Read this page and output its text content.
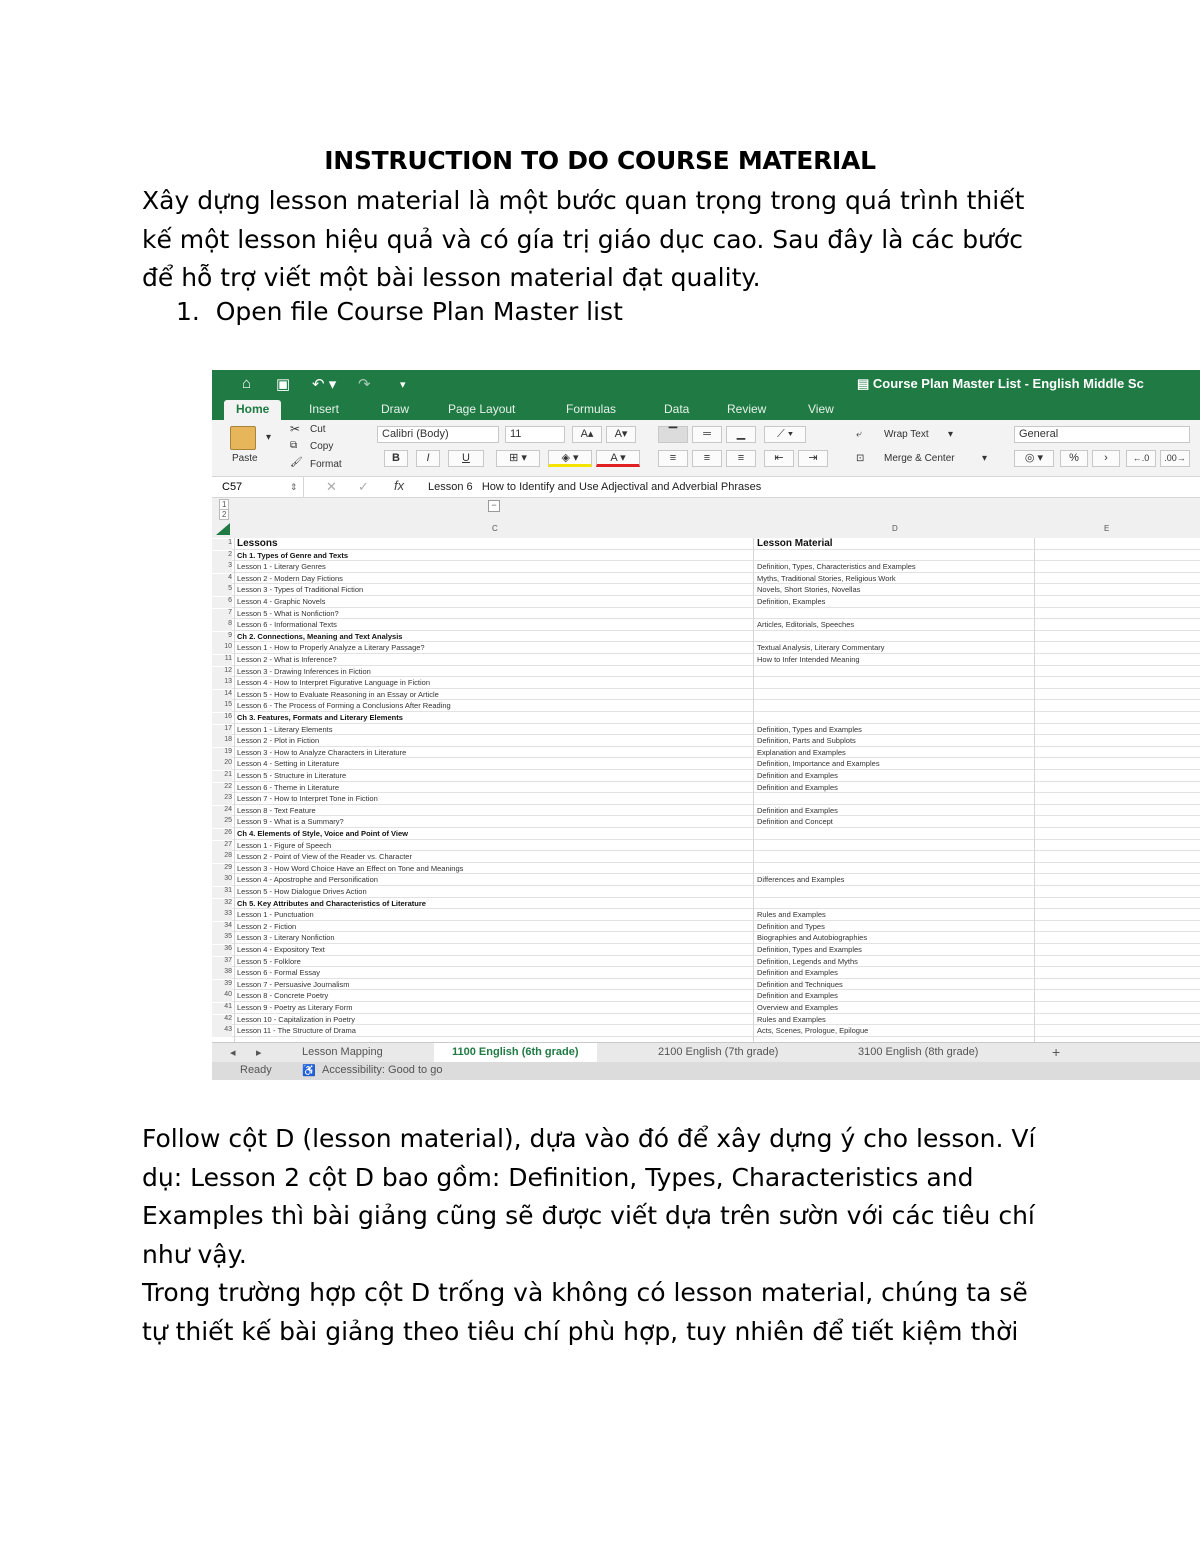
INSTRUCTION TO DO COURSE MATERIAL
Xây dựng lesson material là một bước quan trọng trong quá trình thiết
kế một lesson hiệu quả và có gía trị giáo dục cao. Sau đây là các bước
để hỗ trợ viết một bài lesson material đạt quality.
1.  Open file Course Plan Master list
⌂ ▣ ↶ ▾ ↷	▾	▤ Course Plan Master List - English Middle Sc
Home	Insert	Draw	Page Layout	Formulas	Data	Review	View
Paste
▾
✂ Cut
⧉ Copy
🖌 Format
Calibri (Body)	11	A▴	A▾
B	I	U	⊞ ▾	◈ ▾	A ▾
▔	═	▁	⟋ ▾
≡	≡	≡	⇤	⇥
⤶ Wrap Text ▾
⊡ Merge & Center	▾
General
◎ ▾	%	›	←.0	.00→
C57	⇕ ✕ ✓ fx Lesson 6   How to Identify and Use Adjectival and Adverbial Phrases
1
2
−
C	D	E
1 Lessons	Lesson Material
2 Ch 1. Types of Genre and Texts
3 Lesson 1 - Literary Genres	Definition, Types, Characteristics and Examples
4 Lesson 2 - Modern Day Fictions	Myths, Traditional Stories, Religious Work
5 Lesson 3 - Types of Traditional Fiction	Novels, Short Stories, Novellas
6 Lesson 4 - Graphic Novels	Definition, Examples
7 Lesson 5 - What is Nonfiction?
8 Lesson 6 - Informational Texts	Articles, Editorials, Speeches
9 Ch 2. Connections, Meaning and Text Analysis
10 Lesson 1 - How to Properly Analyze a Literary Passage?	Textual Analysis, Literary Commentary
11 Lesson 2 - What is Inference?	How to Infer Intended Meaning
12 Lesson 3 - Drawing Inferences in Fiction
13 Lesson 4 - How to Interpret Figurative Language in Fiction
14 Lesson 5 - How to Evaluate Reasoning in an Essay or Article
15 Lesson 6 - The Process of Forming a Conclusions After Reading
16 Ch 3. Features, Formats and Literary Elements
17 Lesson 1 - Literary Elements	Definition, Types and Examples
18 Lesson 2 - Plot in Fiction	Definition, Parts and Subplots
19 Lesson 3 - How to Analyze Characters in Literature	Explanation and Examples
20 Lesson 4 - Setting in Literature	Definition, Importance and Examples
21 Lesson 5 - Structure in Literature	Definition and Examples
22 Lesson 6 - Theme in Literature	Definition and Examples
23 Lesson 7 - How to Interpret Tone in Fiction
24 Lesson 8 - Text Feature	Definition and Examples
25 Lesson 9 - What is a Summary?	Definition and Concept
26 Ch 4. Elements of Style, Voice and Point of View
27 Lesson 1 - Figure of Speech
28 Lesson 2 - Point of View of the Reader vs. Character
29 Lesson 3 - How Word Choice Have an Effect on Tone and Meanings
30 Lesson 4 - Apostrophe and Personification	Differences and Examples
31 Lesson 5 - How Dialogue Drives Action
32 Ch 5. Key Attributes and Characteristics of Literature
33 Lesson 1 - Punctuation	Rules and Examples
34 Lesson 2 - Fiction	Definition and Types
35 Lesson 3 - Literary Nonfiction	Biographies and Autobiographies
36 Lesson 4 - Expository Text	Definition, Types and Examples
37 Lesson 5 - Folklore	Definition, Legends and Myths
38 Lesson 6 - Formal Essay	Definition and Examples
39 Lesson 7 - Persuasive Journalism	Definition and Techniques
40 Lesson 8 - Concrete Poetry	Definition and Examples
41 Lesson 9 - Poetry as Literary Form	Overview and Examples
42 Lesson 10 - Capitalization in Poetry	Rules and Examples
43 Lesson 11 - The Structure of Drama	Acts, Scenes, Prologue, Epilogue
◂ ▸	Lesson Mapping	1100 English (6th grade)	2100 English (7th grade)	3100 English (8th grade)	+
Ready	♿ Accessibility: Good to go
Follow cột D (lesson material), dựa vào đó để xây dựng ý cho lesson. Ví
dụ: Lesson 2 cột D bao gồm: Definition, Types, Characteristics and
Examples thì bài giảng cũng sẽ được viết dựa trên sườn với các tiêu chí
như vậy.
Trong trường hợp cột D trống và không có lesson material, chúng ta sẽ
tự thiết kế bài giảng theo tiêu chí phù hợp, tuy nhiên để tiết kiệm thời
